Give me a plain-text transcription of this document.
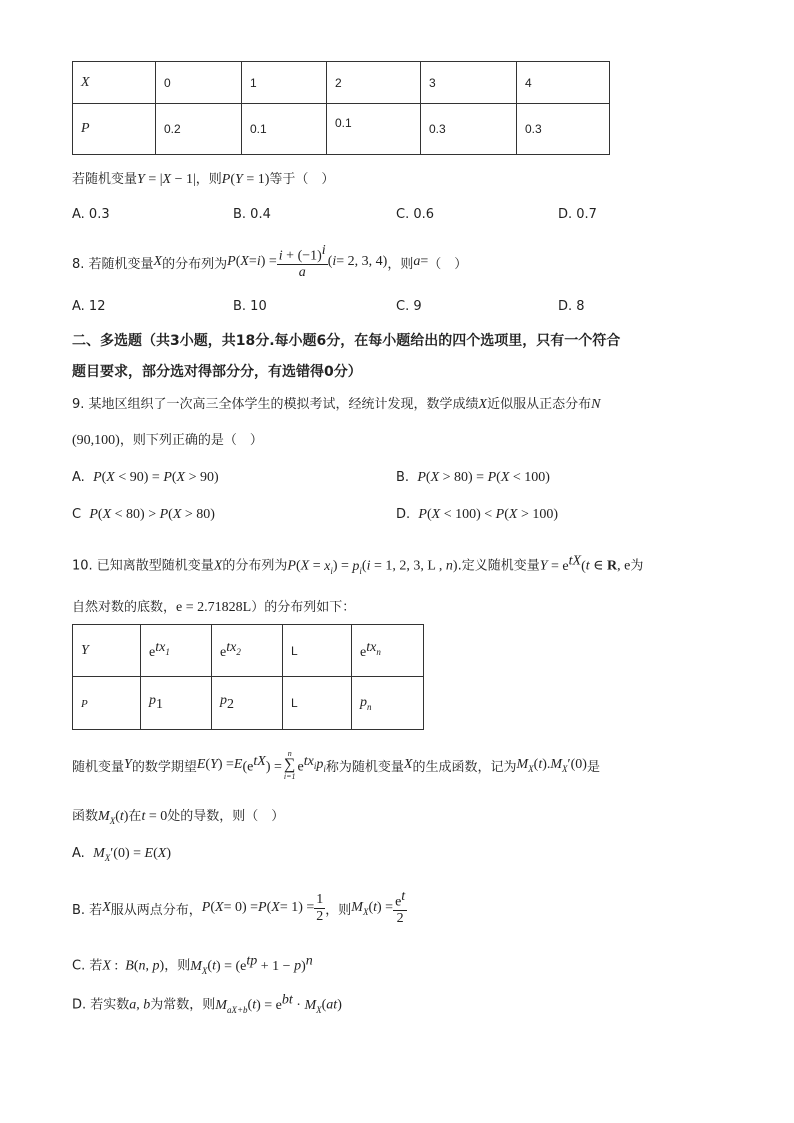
X	0	1	2	3	4
P	0.2	0.1	0.1	0.3	0.3
若随机变量Y = |X − 1|，则P(Y = 1)等于（　）
A. 0.3	B. 0.4	C. 0.6	D. 0.7
8. 若随机变量 X 的分布列为 P ( X = i ) = $\frac{i + (-1)^i}{a}$ ( i = 2, 3, 4) ，则 a = （　）
A. 12	B. 10	C. 9	D. 8
二、多选题（共3小题，共18分.每小题6分，在每小题给出的四个选项里，只有一个符合
题目要求，部分选对得部分分，有选错得0分）
9. 某地区组织了一次高三全体学生的模拟考试，经统计发现，数学成绩X近似服从正态分布N
(90,100)，则下列正确的是（　）
A. P(X < 90) = P(X > 90)	B. P(X > 80) = P(X < 100)
C P(X < 80) > P(X > 80)	D. P(X < 100) < P(X > 100)
10. 已知离散型随机变量X的分布列为$P(X = x_i) = p_i(i = 1$, 2, 3, L , n).定义随机变量$Y = e^{tX}(t$ ∈ R, e为
自然对数的底数，e = 2.71828L）的分布列如下：
Y	$e^{tx_1}$	$e^{tx_2}$	L	$e^{tx_n}$
P	$p_1$	$p_2$	L	$p_n$
随机变量 Y 的数学期望 E ( Y ) = E $(e^{tX})$ =
n
∑
i=1
$e^{tx_i}$ $p_i$ 称为随机变量 X 的生成函数，记为 $M_X$ ( t ). $M_X$ ′(0) 是
函数$M_X(t)$在t = 0处的导数，则（　）
A. $M_X'(0) = E(X)$
B. 若 X 服从两点分布， P ( X = 0) = P ( $X = 1) = \frac{1}{2}$ ，则 $M_X$ ( t ) = $\frac{e^t}{2}$
C. 若X :  B(n, p)，则$M_X(t) = (e^{tp} + 1 - p)^n$
D. 若实数a, b为常数，则$M_{aX+b}(t) = e^{bt} \cdot M_X(at)$
